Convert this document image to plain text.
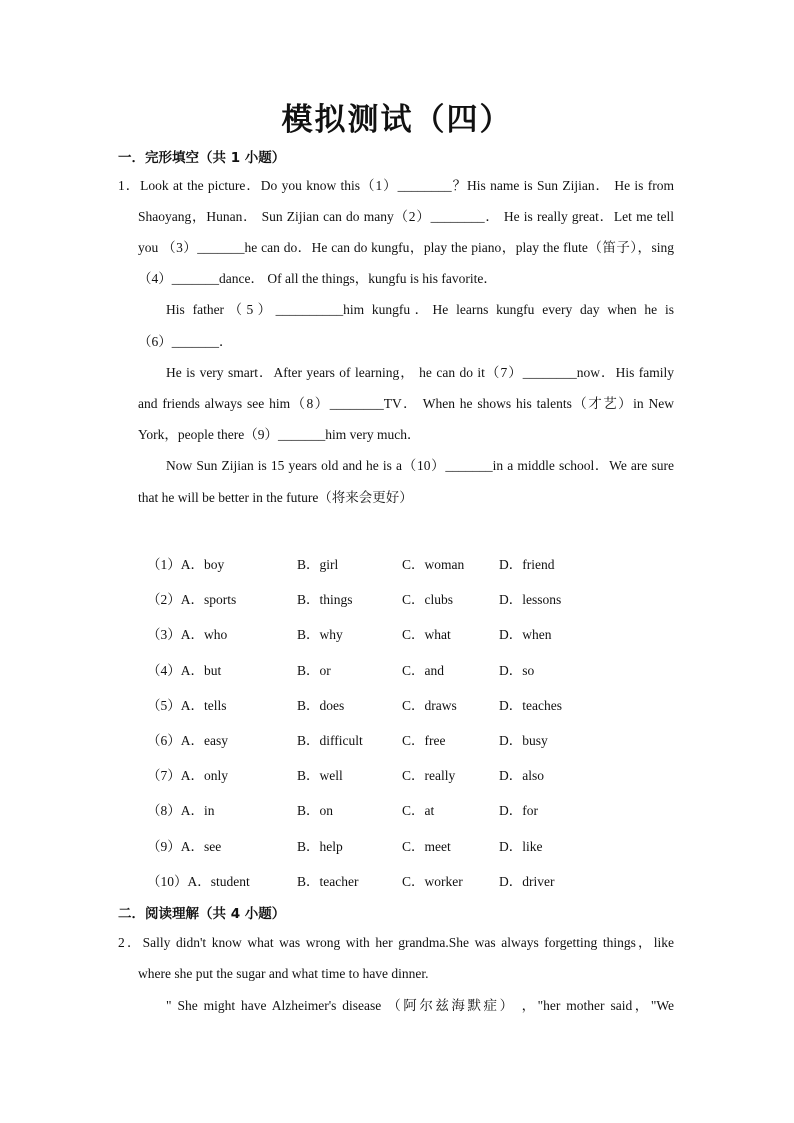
模拟测试（四）
一．完形填空（共 1 小题）
1．Look at the picture．Do you know this（1）________？His name is Sun Zijian． He is from
Shaoyang，Hunan． Sun Zijian can do many（2）________． He is really great．Let me tell
you （3）_______he can do．He can do kungfu，play the piano，play the flute（笛子），sing
（4）_______dance． Of all the things，kungfu is his favorite．
His father（5）__________him kungfu．He learns kungfu every day when he is
（6）_______．
He is very smart．After years of learning， he can do it（7）________now．His family
and friends always see him（8）________TV． When he shows his talents（才艺）in New
York，people there（9）_______him very much．
Now Sun Zijian is 15 years old and he is a（10）_______in a middle school．We are sure
that he will be better in the future（将来会更好）
（1）A．boy	B．girl	C．woman	D．friend
（2）A．sports	B．things	C．clubs	D．lessons
（3）A．who	B．why	C．what	D．when
（4）A．but	B．or	C．and	D．so
（5）A．tells	B．does	C．draws	D．teaches
（6）A．easy	B．difficult	C．free	D．busy
（7）A．only	B．well	C．really	D．also
（8）A．in	B．on	C．at	D．for
（9）A．see	B．help	C．meet	D．like
（10）A．student	B．teacher	C．worker	D．driver
二．阅读理解（共 4 小题）
2．Sally didn't know what was wrong with her grandma.She was always forgetting things，like
where she put the sugar and what time to have dinner.
" She might have Alzheimer's disease （阿尔兹海默症） ，"her mother said，"We
